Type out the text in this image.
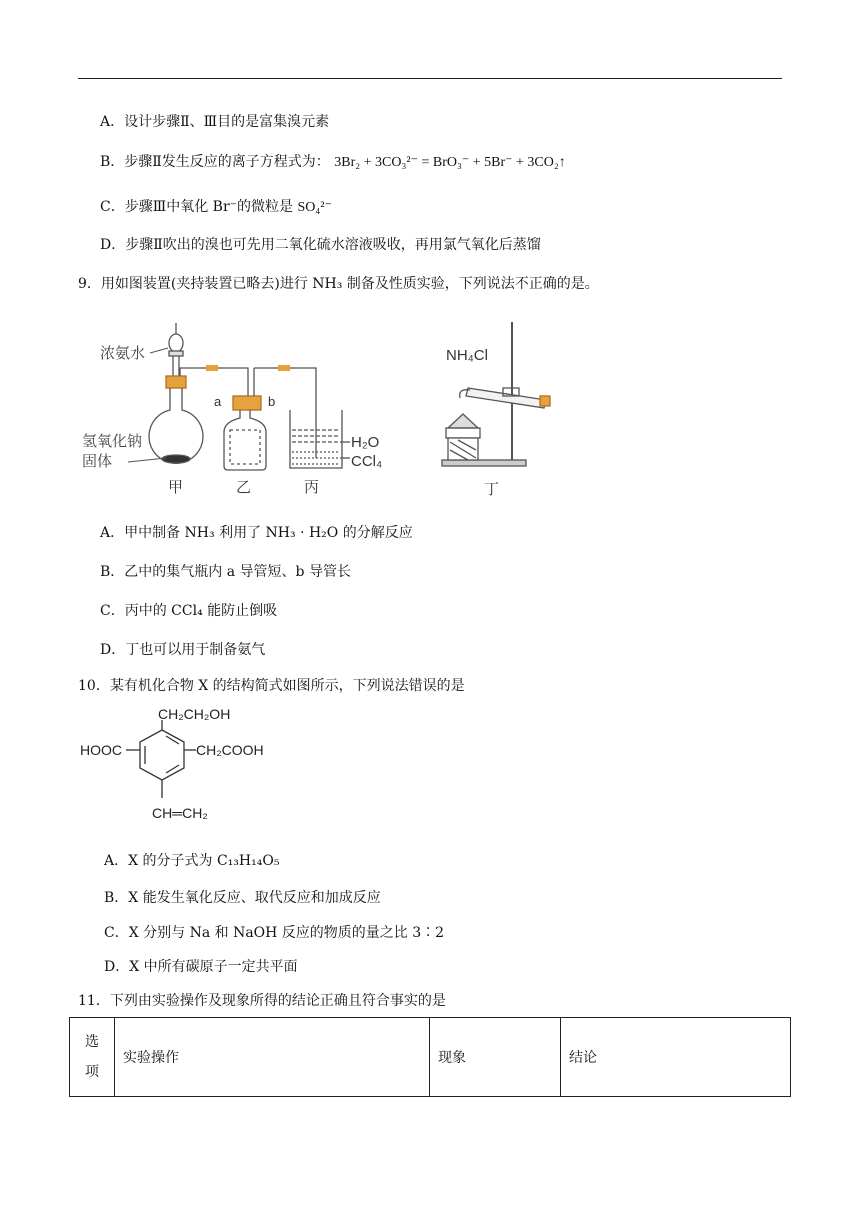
A．设计步骤Ⅱ、Ⅲ目的是富集溴元素
B．步骤Ⅱ发生反应的离子方程式为： 3Br₂ + 3CO₃²⁻ = BrO₃⁻ + 5Br⁻ + 3CO₂↑
C．步骤Ⅲ中氧化 Br⁻的微粒是 SO₄²⁻
D．步骤Ⅱ吹出的溴也可先用二氧化硫水溶液吸收，再用氯气氧化后蒸馏
9．用如图装置(夹持装置已略去)进行 NH₃ 制备及性质实验，下列说法不正确的是。
a	b
H₂O
CCl₄
浓氨水
氢氧化钠
固体
甲	乙	丙
NH₄Cl
丁
A．甲中制备 NH₃ 利用了 NH₃ · H₂O 的分解反应
B．乙中的集气瓶内 a 导管短、b 导管长
C．丙中的 CCl₄ 能防止倒吸
D．丁也可以用于制备氨气
10．某有机化合物 X 的结构简式如图所示，下列说法错误的是
CH₂CH₂OH
HOOC	CH₂COOH
CH═CH₂
A．X 的分子式为 C₁₃H₁₄O₅
B．X 能发生氧化反应、取代反应和加成反应
C．X 分别与 Na 和 NaOH 反应的物质的量之比 3∶2
D．X 中所有碳原子一定共平面
11．下列由实验操作及现象所得的结论正确且符合事实的是
选
项
	实验操作	现象	结论
